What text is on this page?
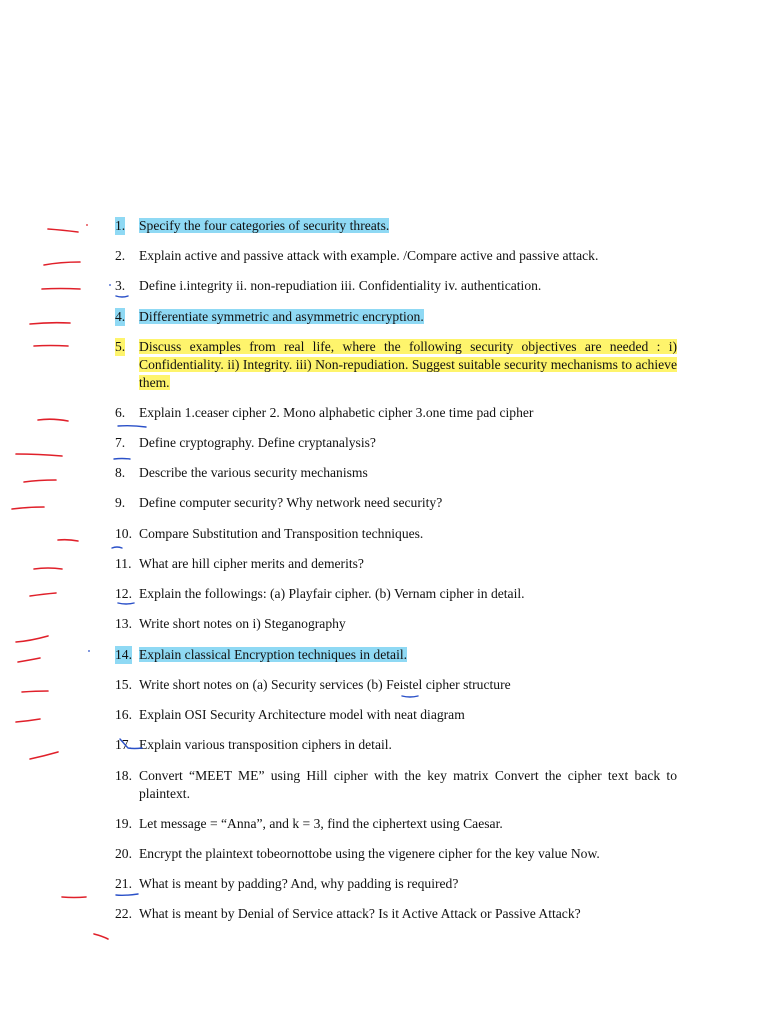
1. Specify the four categories of security threats.
2. Explain active and passive attack with example. /Compare active and passive attack.
3. Define i.integrity ii. non-repudiation iii. Confidentiality iv. authentication.
4. Differentiate symmetric and asymmetric encryption.
5. Discuss examples from real life, where the following security objectives are needed : i) Confidentiality. ii) Integrity. iii) Non-repudiation. Suggest suitable security mechanisms to achieve them.
6. Explain 1.ceaser cipher 2. Mono alphabetic cipher 3.one time pad cipher
7. Define cryptography. Define cryptanalysis?
8. Describe the various security mechanisms
9. Define computer security? Why network need security?
10. Compare Substitution and Transposition techniques.
11. What are hill cipher merits and demerits?
12. Explain the followings: (a) Playfair cipher. (b) Vernam cipher in detail.
13. Write short notes on i) Steganography
14. Explain classical Encryption techniques in detail.
15. Write short notes on (a) Security services (b) Feistel cipher structure
16. Explain OSI Security Architecture model with neat diagram
17. Explain various transposition ciphers in detail.
18. Convert “MEET ME” using Hill cipher with the key matrix Convert the cipher text back to plaintext.
19. Let message = “Anna”, and k = 3, find the ciphertext using Caesar.
20. Encrypt the plaintext tobeornottobe using the vigenere cipher for the key value Now.
21. What is meant by padding? And, why padding is required?
22. What is meant by Denial of Service attack? Is it Active Attack or Passive Attack?
